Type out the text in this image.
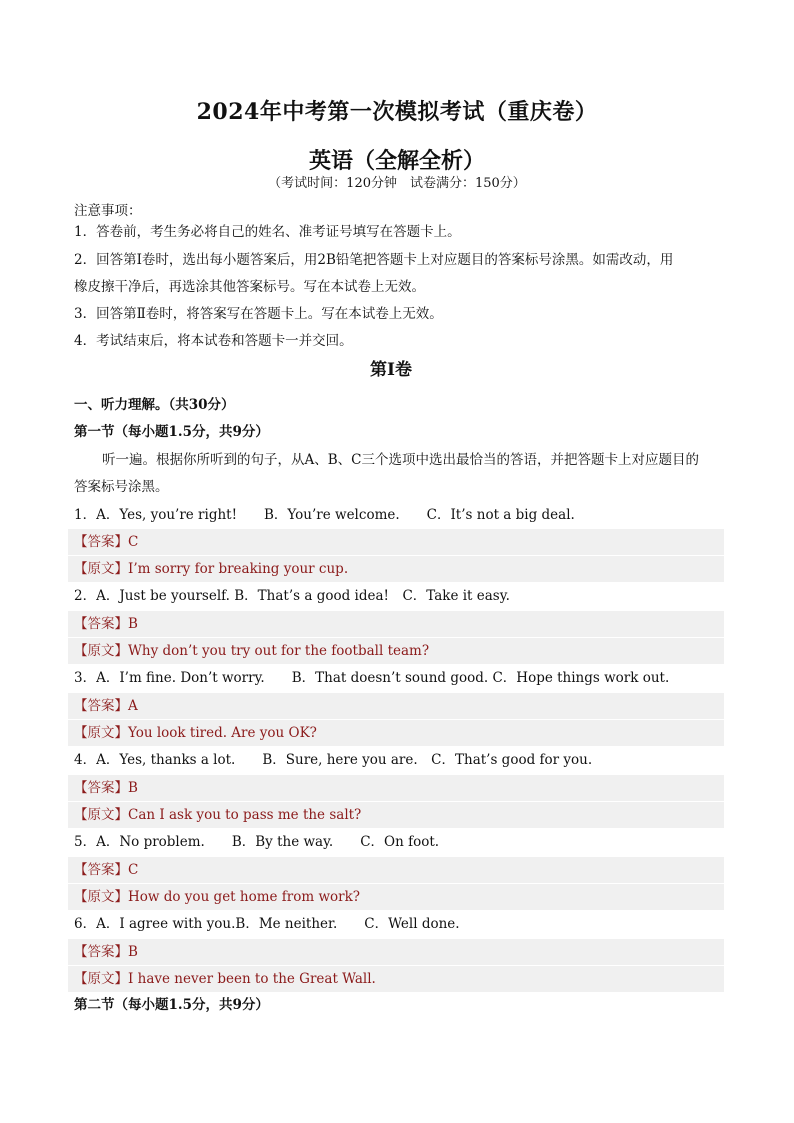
2024年中考第一次模拟考试（重庆卷）
英语（全解全析）
（考试时间：120分钟　试卷满分：150分）
注意事项：
1．答卷前，考生务必将自己的姓名、准考证号填写在答题卡上。
2．回答第Ⅰ卷时，选出每小题答案后，用2B铅笔把答题卡上对应题目的答案标号涂黑。如需改动，用
橡皮擦干净后，再选涂其他答案标号。写在本试卷上无效。
3．回答第Ⅱ卷时，将答案写在答题卡上。写在本试卷上无效。
4．考试结束后，将本试卷和答题卡一并交回。
第Ⅰ卷
一、听力理解。（共30分）
第一节（每小题1.5分，共9分）
听一遍。根据你所听到的句子，从A、B、C三个选项中选出最恰当的答语，并把答题卡上对应题目的
答案标号涂黑。
1．A．Yes, you’re right!　　B．You’re welcome.　　C．It’s not a big deal.
【答案】C
【原文】I’m sorry for breaking your cup.
2．A．Just be yourself. B．That’s a good idea!　C．Take it easy.
【答案】B
【原文】Why don’t you try out for the football team?
3．A．I’m fine. Don’t worry.　　B．That doesn’t sound good. C．Hope things work out.
【答案】A
【原文】You look tired. Are you OK?
4．A．Yes, thanks a lot.　　B．Sure, here you are.　C．That’s good for you.
【答案】B
【原文】Can I ask you to pass me the salt?
5．A．No problem.　　B．By the way.　　C．On foot.
【答案】C
【原文】How do you get home from work?
6．A．I agree with you.B．Me neither.　　C．Well done.
【答案】B
【原文】I have never been to the Great Wall.
第二节（每小题1.5分，共9分）
